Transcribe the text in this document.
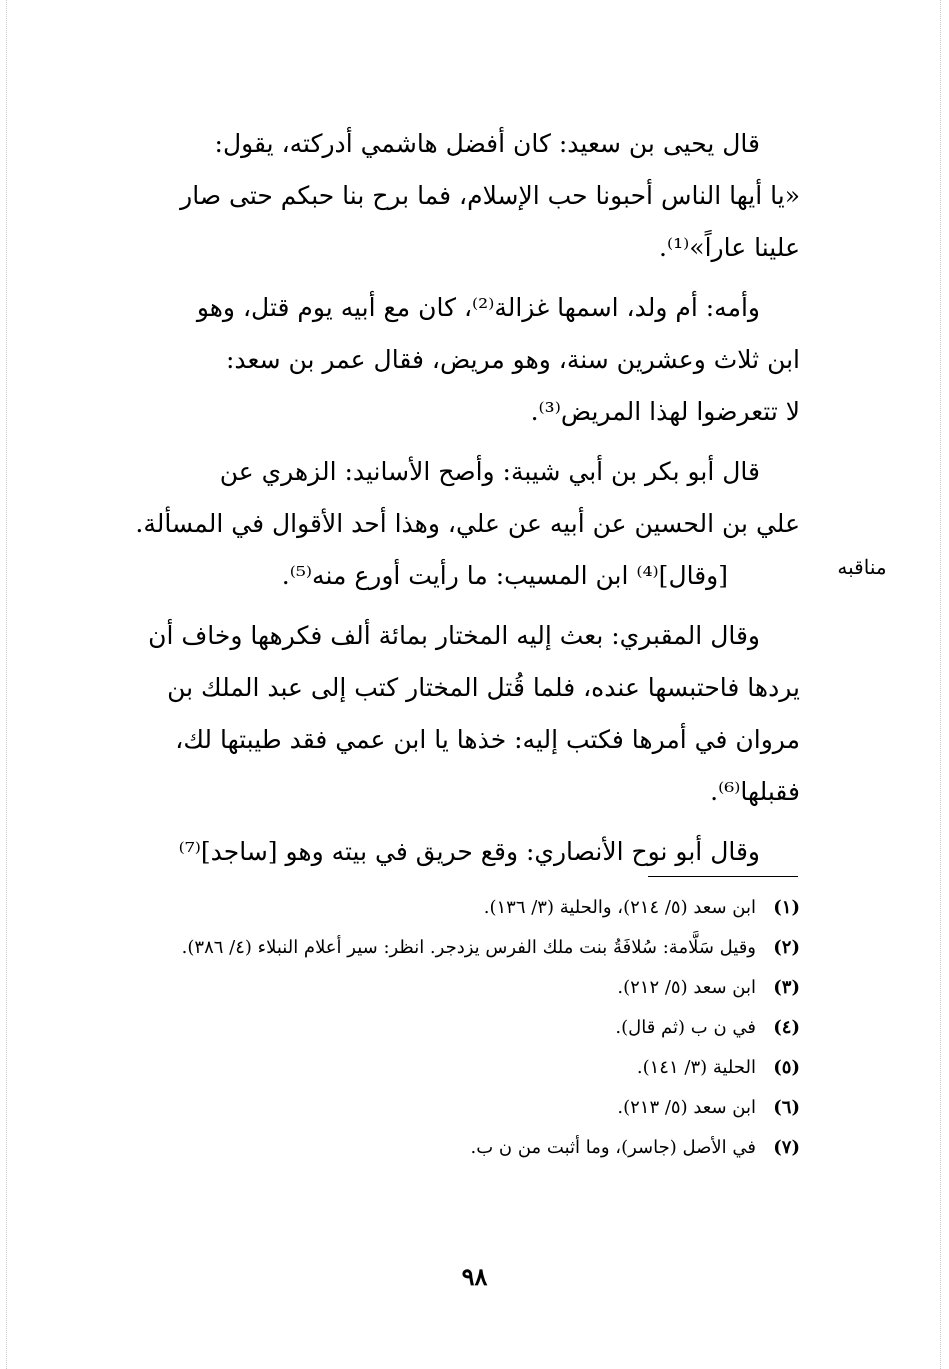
قال يحيى بن سعيد: كان أفضل هاشمي أدركته، يقول:

«يا أيها الناس أحبونا حب الإسلام، فما برح بنا حبكم حتى صار

علينا عاراً»⁽¹⁾.

وأمه: أم ولد، اسمها غزالة⁽²⁾، كان مع أبيه يوم قتل، وهو

ابن ثلاث وعشرين سنة، وهو مريض، فقال عمر بن سعد:

لا تتعرضوا لهذا المريض⁽³⁾.

قال أبو بكر بن أبي شيبة: وأصح الأسانيد: الزهري عن

علي بن الحسين عن أبيه عن علي، وهذا أحد الأقوال في المسألة.

[وقال]⁽⁴⁾ ابن المسيب: ما رأيت أورع منه⁽⁵⁾.

وقال المقبري: بعث إليه المختار بمائة ألف فكرهها وخاف أن

يردها فاحتبسها عنده، فلما قُتل المختار كتب إلى عبد الملك بن

مروان في أمرها فكتب إليه: خذها يا ابن عمي فقد طيبتها لك،

فقبلها⁽⁶⁾.

وقال أبو نوح الأنصاري: وقع حريق في بيته وهو [ساجد]⁽⁷⁾

مناقبه
(١)
ابن سعد (٥/ ٢١٤)، والحلية (٣/ ١٣٦).
(٢)
وقيل سَلَّامة: سُلافَةُ بنت ملك الفرس يزدجر. انظر: سير أعلام النبلاء (٤/ ٣٨٦).
(٣)
ابن سعد (٥/ ٢١٢).
(٤)
في ن ب (ثم قال).
(٥)
الحلية (٣/ ١٤١).
(٦)
ابن سعد (٥/ ٢١٣).
(٧)
في الأصل (جاسر)، وما أثبت من ن ب.
٩٨
